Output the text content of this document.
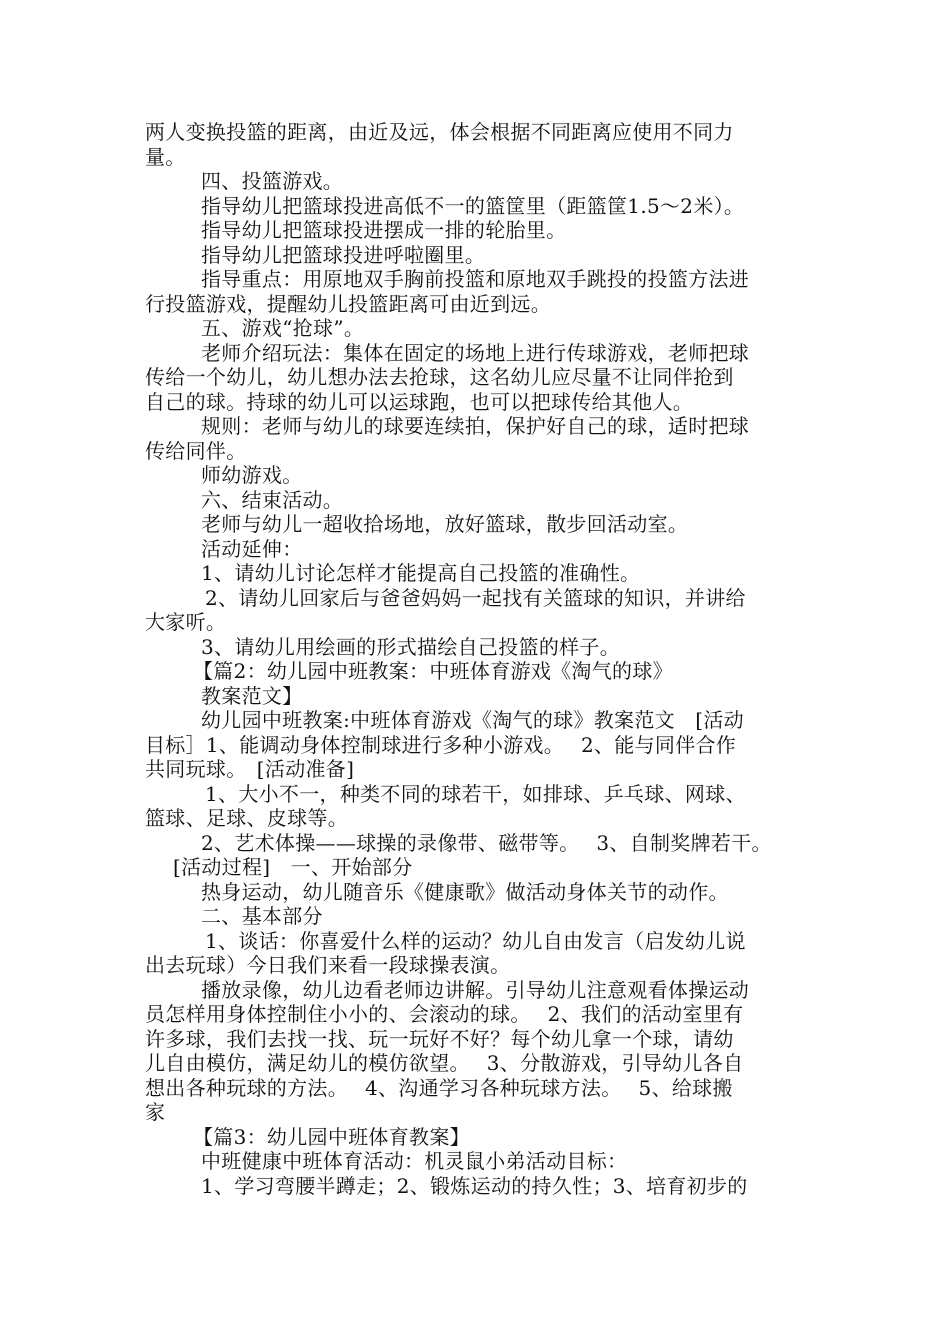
两人变换投篮的距离，由近及远，体会根据不同距离应使用不同力
量。
四、投篮游戏。
指导幼儿把篮球投进高低不一的篮筐里（距篮筐1.5～2米）。
指导幼儿把篮球投进摆成一排的轮胎里。
指导幼儿把篮球投进呼啦圈里。
指导重点：用原地双手胸前投篮和原地双手跳投的投篮方法进
行投篮游戏，提醒幼儿投篮距离可由近到远。
五、游戏“抢球”。
老师介绍玩法：集体在固定的场地上进行传球游戏，老师把球
传给一个幼儿，幼儿想办法去抢球，这名幼儿应尽量不让同伴抢到
自己的球。持球的幼儿可以运球跑，也可以把球传给其他人。
规则：老师与幼儿的球要连续拍，保护好自己的球，适时把球
传给同伴。
师幼游戏。
六、结束活动。
老师与幼儿一超收拾场地，放好篮球，散步回活动室。
活动延伸：
1、请幼儿讨论怎样才能提高自己投篮的准确性。
2、请幼儿回家后与爸爸妈妈一起找有关篮球的知识，并讲给
大家听。
3、请幼儿用绘画的形式描绘自己投篮的样子。
【篇2：幼儿园中班教案：中班体育游戏《淘气的球》
教案范文】
幼儿园中班教案:中班体育游戏《淘气的球》教案范文　[活动
目标］1、能调动身体控制球进行多种小游戏。　 2、能与同伴合作
共同玩球。　[活动准备]
1、大小不一，种类不同的球若干，如排球、乒乓球、网球、
篮球、足球、皮球等。
2、艺术体操——球操的录像带、磁带等。　 3、自制奖牌若干。
[活动过程]　一、开始部分
热身运动，幼儿随音乐《健康歌》做活动身体关节的动作。
二、基本部分
1、谈话：你喜爱什么样的运动？幼儿自由发言（启发幼儿说
出去玩球）今日我们来看一段球操表演。
播放录像，幼儿边看老师边讲解。引导幼儿注意观看体操运动
员怎样用身体控制住小小的、会滚动的球。　 2、我们的活动室里有
许多球，我们去找一找、玩一玩好不好？每个幼儿拿一个球，请幼
儿自由模仿，满足幼儿的模仿欲望。　 3、分散游戏，引导幼儿各自
想出各种玩球的方法。　 4、沟通学习各种玩球方法。　 5、给球搬
家
【篇3：幼儿园中班体育教案】
中班健康中班体育活动：机灵鼠小弟活动目标：
1、学习弯腰半蹲走；2、锻炼运动的持久性；3、培育初步的
